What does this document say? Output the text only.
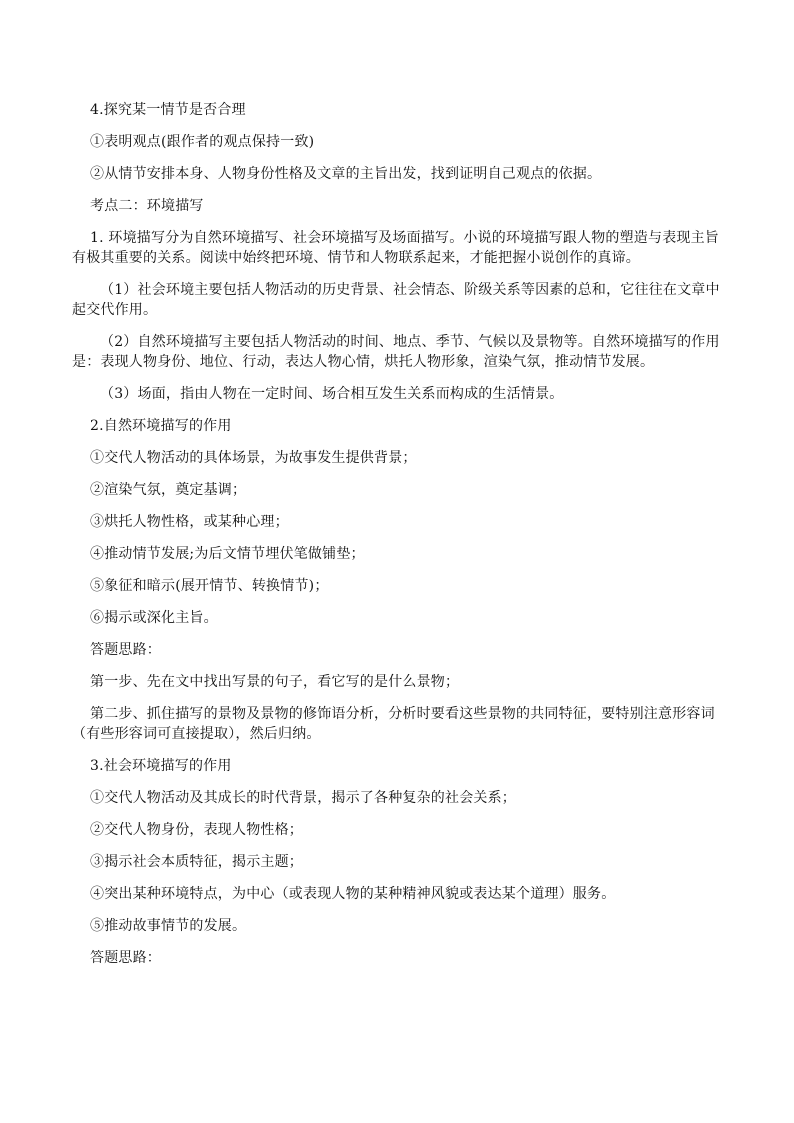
4.探究某一情节是否合理

①表明观点(跟作者的观点保持一致)

②从情节安排本身、人物身份性格及文章的主旨出发，找到证明自己观点的依据。

考点二：环境描写

1. 环境描写分为自然环境描写、社会环境描写及场面描写。小说的环境描写跟人物的塑造与表现主旨有极其重要的关系。阅读中始终把环境、情节和人物联系起来，才能把握小说创作的真谛。

（1）社会环境主要包括人物活动的历史背景、社会情态、阶级关系等因素的总和，它往往在文章中起交代作用。

（2）自然环境描写主要包括人物活动的时间、地点、季节、气候以及景物等。自然环境描写的作用是：表现人物身份、地位、行动，表达人物心情，烘托人物形象，渲染气氛，推动情节发展。

（3）场面，指由人物在一定时间、场合相互发生关系而构成的生活情景。

2.自然环境描写的作用

①交代人物活动的具体场景，为故事发生提供背景；

②渲染气氛，奠定基调；

③烘托人物性格，或某种心理；

④推动情节发展;为后文情节埋伏笔做铺垫；

⑤象征和暗示(展开情节、转换情节)；

⑥揭示或深化主旨。

答题思路：

第一步、先在文中找出写景的句子，看它写的是什么景物；

第二步、抓住描写的景物及景物的修饰语分析，分析时要看这些景物的共同特征，要特别注意形容词（有些形容词可直接提取），然后归纳。

3.社会环境描写的作用

①交代人物活动及其成长的时代背景，揭示了各种复杂的社会关系；

②交代人物身份，表现人物性格；

③揭示社会本质特征，揭示主题；

④突出某种环境特点，为中心（或表现人物的某种精神风貌或表达某个道理）服务。

⑤推动故事情节的发展。

答题思路：
